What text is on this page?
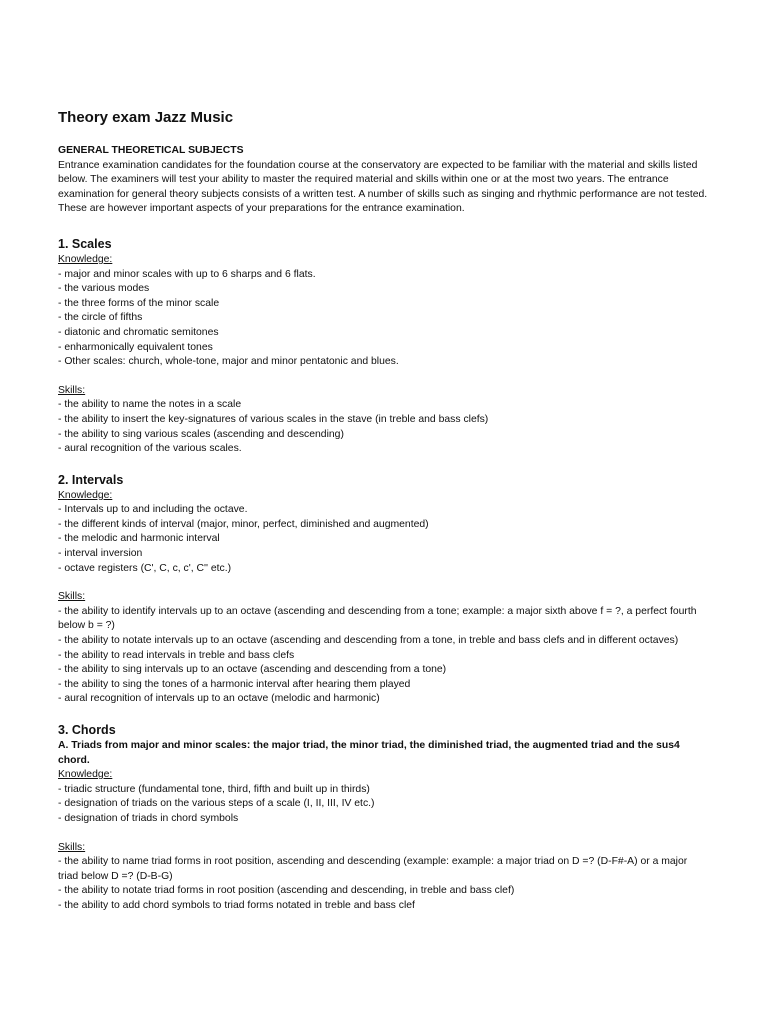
Theory exam Jazz Music
GENERAL THEORETICAL SUBJECTS

Entrance examination candidates for the foundation course at the conservatory are expected to be familiar with the material and skills listed below. The examiners will test your ability to master the required material and skills within one or at the most two years. The entrance examination for general theory subjects consists of a written test. A number of skills such as singing and rhythmic performance are not tested. These are however important aspects of your preparations for the entrance examination.

1. Scales
Knowledge:
- major and minor scales with up to 6 sharps and 6 flats.
- the various modes
- the three forms of the minor scale
- the circle of fifths
- diatonic and chromatic semitones
- enharmonically equivalent tones
- Other scales: church, whole-tone, major and minor pentatonic and blues.
Skills:
- the ability to name the notes in a scale
- the ability to insert the key-signatures of various scales in the stave (in treble and bass clefs)
- the ability to sing various scales (ascending and descending)
- aural recognition of the various scales.
2. Intervals
Knowledge:
- Intervals up to and including the octave.
- the different kinds of interval (major, minor, perfect, diminished and augmented)
- the melodic and harmonic interval
- interval inversion
- octave registers (C', C, c, c', C'' etc.)
Skills:
- the ability to identify intervals up to an octave (ascending and descending from a tone; example: a major sixth above f = ?, a perfect fourth below b = ?)
- the ability to notate intervals up to an octave (ascending and descending from a tone, in treble and bass clefs and in different octaves)
- the ability to read intervals in treble and bass clefs
- the ability to sing intervals up to an octave (ascending and descending from a tone)
- the ability to sing the tones of a harmonic interval after hearing them played
- aural recognition of intervals up to an octave (melodic and harmonic)
3. Chords
A. Triads from major and minor scales: the major triad, the minor triad, the diminished triad, the augmented triad and the sus4 chord.
Knowledge:
- triadic structure (fundamental tone, third, fifth and built up in thirds)
- designation of triads on the various steps of a scale (I, II, III, IV etc.)
- designation of triads in chord symbols
Skills:
- the ability to name triad forms in root position, ascending and descending (example: example: a major triad on D =? (D-F#-A) or a major triad below D =? (D-B-G)
- the ability to notate triad forms in root position (ascending and descending, in treble and bass clef)
- the ability to add chord symbols to triad forms notated in treble and bass clef
